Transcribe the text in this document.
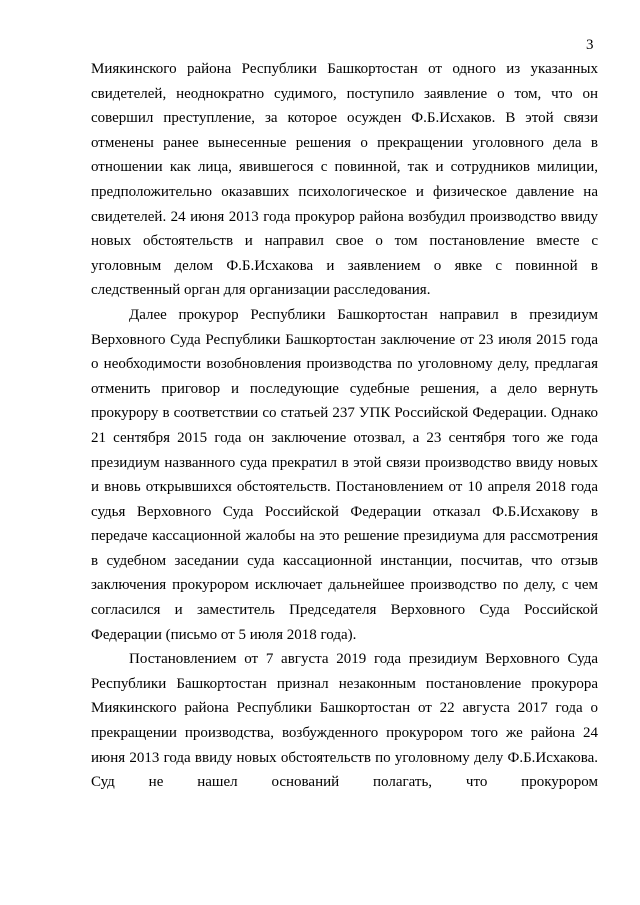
3

Миякинского района Республики Башкортостан от одного из указанных свидетелей, неоднократно судимого, поступило заявление о том, что он совершил преступление, за которое осужден Ф.Б.Исхаков. В этой связи отменены ранее вынесенные решения о прекращении уголовного дела в отношении как лица, явившегося с повинной, так и сотрудников милиции, предположительно оказавших психологическое и физическое давление на свидетелей. 24 июня 2013 года прокурор района возбудил производство ввиду новых обстоятельств и направил свое о том постановление вместе с уголовным делом Ф.Б.Исхакова и заявлением о явке с повинной в следственный орган для организации расследования.

Далее прокурор Республики Башкортостан направил в президиум Верховного Суда Республики Башкортостан заключение от 23 июля 2015 года о необходимости возобновления производства по уголовному делу, предлагая отменить приговор и последующие судебные решения, а дело вернуть прокурору в соответствии со статьей 237 УПК Российской Федерации. Однако 21 сентября 2015 года он заключение отозвал, а 23 сентября того же года президиум названного суда прекратил в этой связи производство ввиду новых и вновь открывшихся обстоятельств. Постановлением от 10 апреля 2018 года судья Верховного Суда Российской Федерации отказал Ф.Б.Исхакову в передаче кассационной жалобы на это решение президиума для рассмотрения в судебном заседании суда кассационной инстанции, посчитав, что отзыв заключения прокурором исключает дальнейшее производство по делу, с чем согласился и заместитель Председателя Верховного Суда Российской Федерации (письмо от 5 июля 2018 года).

Постановлением от 7 августа 2019 года президиум Верховного Суда Республики Башкортостан признал незаконным постановление прокурора Миякинского района Республики Башкортостан от 22 августа 2017 года о прекращении производства, возбужденного прокурором того же района 24 июня 2013 года ввиду новых обстоятельств по уголовному делу Ф.Б.Исхакова. Суд не нашел оснований полагать, что прокурором
